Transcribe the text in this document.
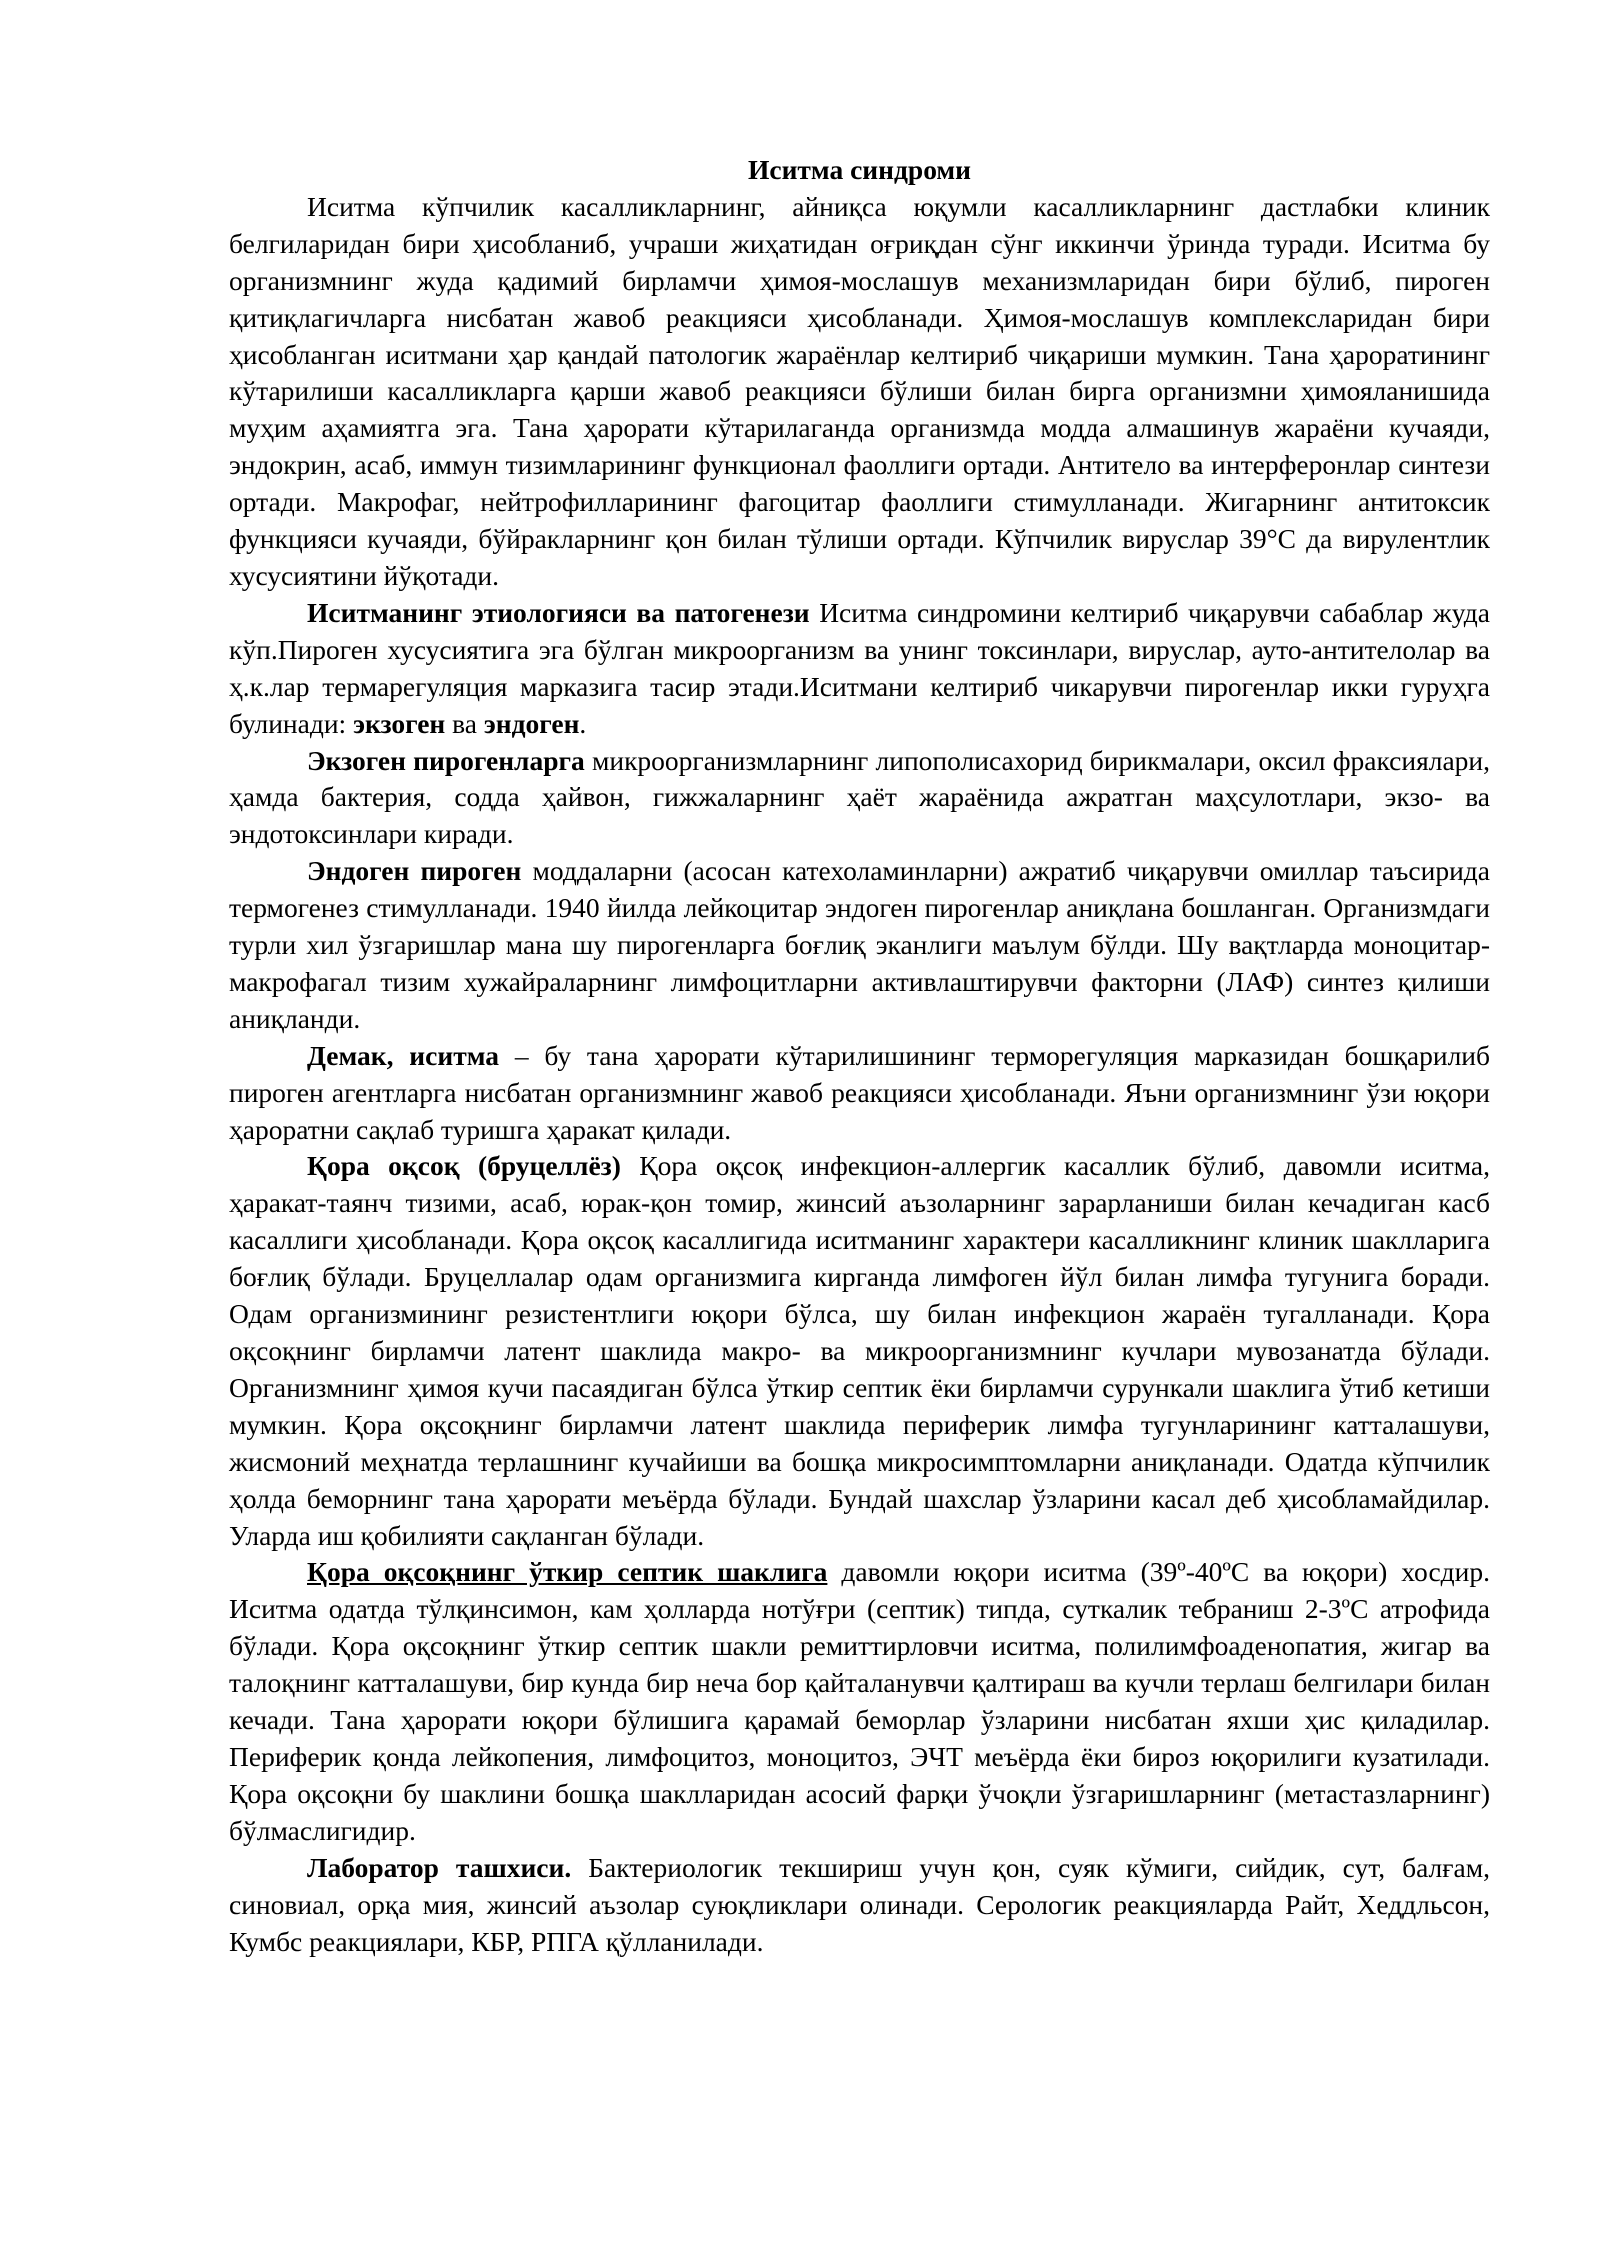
Иситма синдроми

Иситма кўпчилик касалликларнинг, айниқса юқумли касалликларнинг дастлабки клиник белгиларидан бири ҳисобланиб, учраши жиҳатидан оғриқдан сўнг иккинчи ўринда туради. Иситма бу организмнинг жуда қадимий бирламчи ҳимоя-мослашув механизмларидан бири бўлиб, пироген қитиқлагичларга нисбатан жавоб реакцияси ҳисобланади. Ҳимоя-мослашув комплексларидан бири ҳисобланган иситмани ҳар қандай патологик жараёнлар келтириб чиқариши мумкин. Тана ҳароратининг кўтарилиши касалликларга қарши жавоб реакцияси бўлиши билан бирга организмни ҳимояланишида муҳим аҳамиятга эга. Тана ҳарорати кўтарилаганда организмда модда алмашинув жараёни кучаяди, эндокрин, асаб, иммун тизимларининг функционал фаоллиги ортади. Антитело ва интерферонлар синтези ортади. Макрофаг, нейтрофилларининг фагоцитар фаоллиги стимулланади. Жигарнинг антитоксик функцияси кучаяди, бўйракларнинг қон билан тўлиши ортади. Кўпчилик вируслар 39°С да вирулентлик хусусиятини йўқотади.

Иситманинг этиологияси ва патогенези Иситма синдромини келтириб чиқарувчи сабаблар жуда кўп.Пироген хусусиятига эга бўлган микроорганизм ва унинг токсинлари, вируслар, ауто-антителолар ва ҳ.к.лар термарегуляция марказига тасир этади.Иситмани келтириб чикарувчи пирогенлар икки гуруҳга булинади: экзоген ва эндоген.

Экзоген пирогенларга микроорганизмларнинг липополисахорид бирикмалари, оксил фраксиялари, ҳамда бактерия, содда ҳайвон, гижжаларнинг ҳаёт жараёнида ажратган маҳсулотлари, экзо- ва эндотоксинлари киради.

Эндоген пироген моддаларни (асосан катехоламинларни) ажратиб чиқарувчи омиллар таъсирида термогенез стимулланади. 1940 йилда лейкоцитар эндоген пирогенлар аниқлана бошланган. Организмдаги турли хил ўзгаришлар мана шу пирогенларга боғлиқ эканлиги маълум бўлди. Шу вақтларда моноцитар-макрофагал тизим хужайраларнинг лимфоцитларни активлаштирувчи факторни (ЛАФ) синтез қилиши аниқланди.

Демак, иситма – бу тана ҳарорати кўтарилишининг терморегуляция марказидан бошқарилиб пироген агентларга нисбатан организмнинг жавоб реакцияси ҳисобланади. Яъни организмнинг ўзи юқори ҳароратни сақлаб туришга ҳаракат қилади.

Қора оқсоқ (бруцеллёз) Қора оқсоқ инфекцион-аллергик касаллик бўлиб, давомли иситма, ҳаракат-таянч тизими, асаб, юрак-қон томир, жинсий аъзоларнинг зарарланиши билан кечадиган касб касаллиги ҳисобланади. Қора оқсоқ касаллигида иситманинг характери касалликнинг клиник шаклларига боғлиқ бўлади. Бруцеллалар одам организмига кирганда лимфоген йўл билан лимфа тугунига боради. Одам организмининг резистентлиги юқори бўлса, шу билан инфекцион жараён тугалланади. Қора оқсоқнинг бирламчи латент шаклида макро- ва микроорганизмнинг кучлари мувозанатда бўлади. Организмнинг ҳимоя кучи пасаядиган бўлса ўткир септик ёки бирламчи сурункали шаклига ўтиб кетиши мумкин. Қора оқсоқнинг бирламчи латент шаклида периферик лимфа тугунларининг катталашуви, жисмоний меҳнатда терлашнинг кучайиши ва бошқа микросимптомларни аниқланади. Одатда кўпчилик ҳолда беморнинг тана ҳарорати меъёрда бўлади. Бундай шахслар ўзларини касал деб ҳисобламайдилар. Уларда иш қобилияти сақланган бўлади.

Қора оқсоқнинг ўткир септик шаклига давомли юқори иситма (39º-40ºС ва юқори) хосдир. Иситма одатда тўлқинсимон, кам ҳолларда нотўғри (септик) типда, суткалик тебраниш 2-3ºС атрофида бўлади. Қора оқсоқнинг ўткир септик шакли ремиттирловчи иситма, полилимфоаденопатия, жигар ва талоқнинг катталашуви, бир кунда бир неча бор қайталанувчи қалтираш ва кучли терлаш белгилари билан кечади. Тана ҳарорати юқори бўлишига қарамай беморлар ўзларини нисбатан яхши ҳис қиладилар. Периферик қонда лейкопения, лимфоцитоз, моноцитоз, ЭЧТ меъёрда ёки бироз юқорилиги кузатилади. Қора оқсоқни бу шаклини бошқа шаклларидан асосий фарқи ўчоқли ўзгаришларнинг (метастазларнинг) бўлмаслигидир.

Лаборатор ташхиси. Бактериологик текшириш учун қон, суяк кўмиги, сийдик, сут, балғам, синовиал, орқа мия, жинсий аъзолар суюқликлари олинади. Серологик реакцияларда Райт, Хеддльсон, Кумбс реакциялари, КБР, РПГА қўлланилади.
